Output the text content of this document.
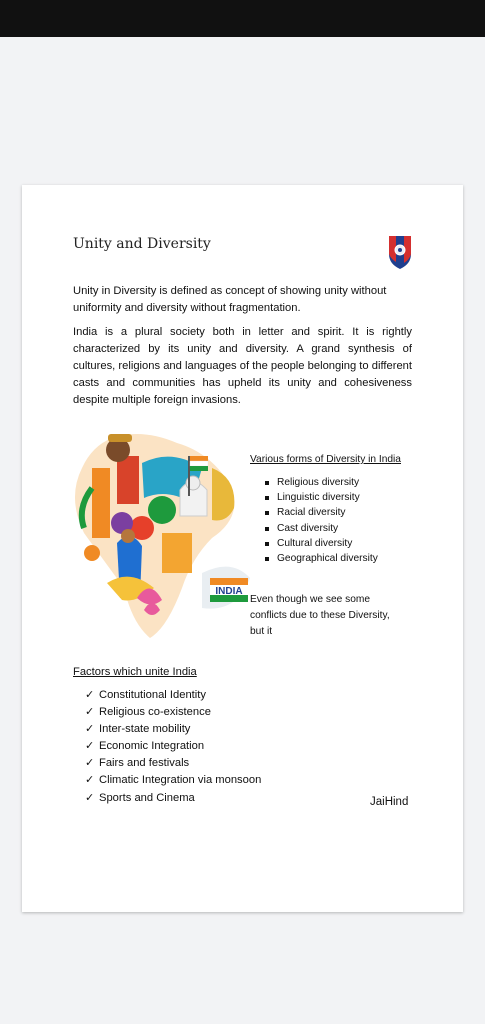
Unity and Diversity
Unity in Diversity is defined as concept of showing unity without uniformity and diversity without fragmentation.
India is a plural society both in letter and spirit. It is rightly characterized by its unity and diversity. A grand synthesis of cultures, religions and languages of the people belonging to different casts and communities has upheld its unity and cohesiveness despite multiple foreign invasions.
INDIA
Various forms of Diversity in India
Religious diversity
Linguistic diversity
Racial diversity
Cast diversity
Cultural diversity
Geographical diversity
Even though we see some conflicts due to these Diversity, but it
Factors which unite India
✓ Constitutional Identity
✓ Religious co-existence
✓ Inter-state mobility
✓ Economic Integration
✓ Fairs and festivals
✓ Climatic Integration via monsoon
✓ Sports and Cinema	JaiHind
